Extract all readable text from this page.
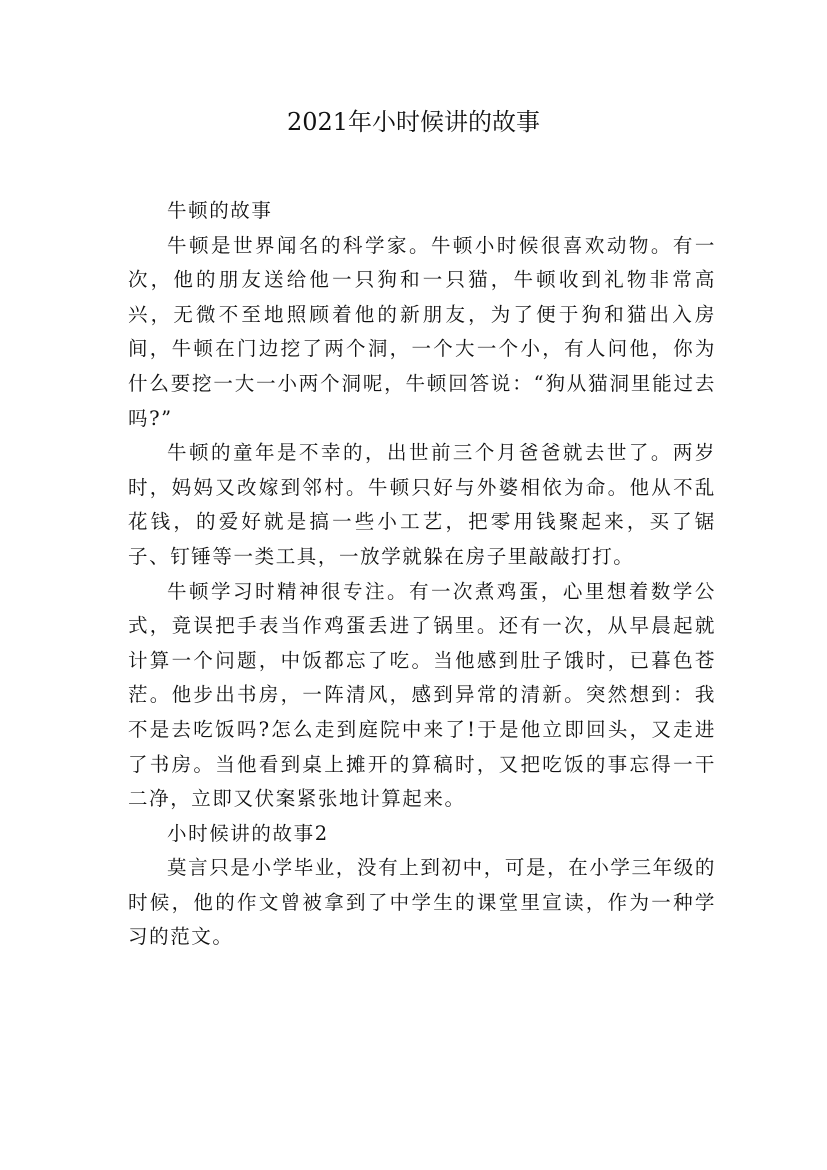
2021年小时候讲的故事

牛顿的故事

牛顿是世界闻名的科学家。牛顿小时候很喜欢动物。有一次，他的朋友送给他一只狗和一只猫，牛顿收到礼物非常高兴，无微不至地照顾着他的新朋友，为了便于狗和猫出入房间，牛顿在门边挖了两个洞，一个大一个小，有人问他，你为什么要挖一大一小两个洞呢，牛顿回答说：“狗从猫洞里能过去吗?”

牛顿的童年是不幸的，出世前三个月爸爸就去世了。两岁时，妈妈又改嫁到邻村。牛顿只好与外婆相依为命。他从不乱花钱，的爱好就是搞一些小工艺，把零用钱聚起来，买了锯子、钉锤等一类工具，一放学就躲在房子里敲敲打打。

牛顿学习时精神很专注。有一次煮鸡蛋，心里想着数学公式，竟误把手表当作鸡蛋丢进了锅里。还有一次，从早晨起就计算一个问题，中饭都忘了吃。当他感到肚子饿时，已暮色苍茫。他步出书房，一阵清风，感到异常的清新。突然想到：我不是去吃饭吗?怎么走到庭院中来了!于是他立即回头，又走进了书房。当他看到桌上摊开的算稿时，又把吃饭的事忘得一干二净，立即又伏案紧张地计算起来。

小时候讲的故事2

莫言只是小学毕业，没有上到初中，可是，在小学三年级的时候，他的作文曾被拿到了中学生的课堂里宣读，作为一种学习的范文。
